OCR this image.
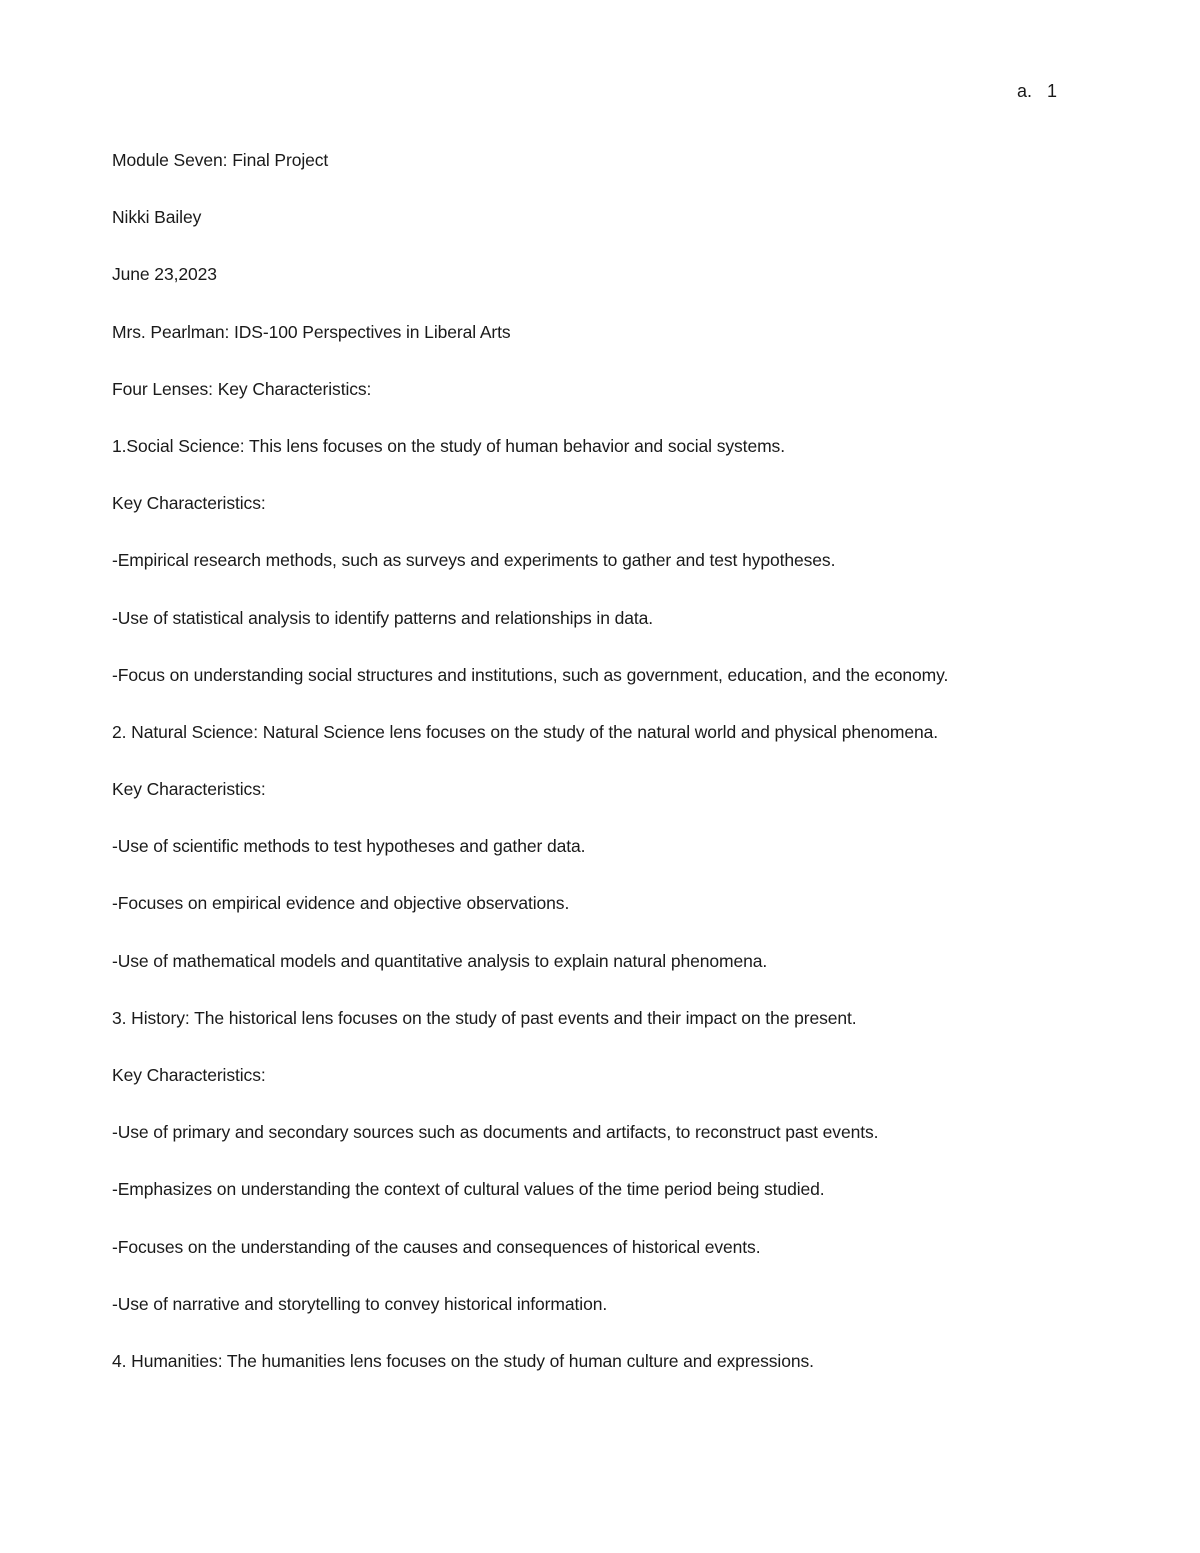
a.   1
Module Seven: Final Project
Nikki Bailey
June 23,2023
Mrs. Pearlman: IDS-100 Perspectives in Liberal Arts
Four Lenses: Key Characteristics:
1.Social Science: This lens focuses on the study of human behavior and social systems.
Key Characteristics:
-Empirical research methods, such as surveys and experiments to gather and test hypotheses.
-Use of statistical analysis to identify patterns and relationships in data.
-Focus on understanding social structures and institutions, such as government, education, and the economy.
2. Natural Science: Natural Science lens focuses on the study of the natural world and physical phenomena.
Key Characteristics:
-Use of scientific methods to test hypotheses and gather data.
-Focuses on empirical evidence and objective observations.
-Use of mathematical models and quantitative analysis to explain natural phenomena.
3. History: The historical lens focuses on the study of past events and their impact on the present.
Key Characteristics:
-Use of primary and secondary sources such as documents and artifacts, to reconstruct past events.
-Emphasizes on understanding the context of cultural values of the time period being studied.
-Focuses on the understanding of the causes and consequences of historical events.
-Use of narrative and storytelling to convey historical information.
4. Humanities: The humanities lens focuses on the study of human culture and expressions.
